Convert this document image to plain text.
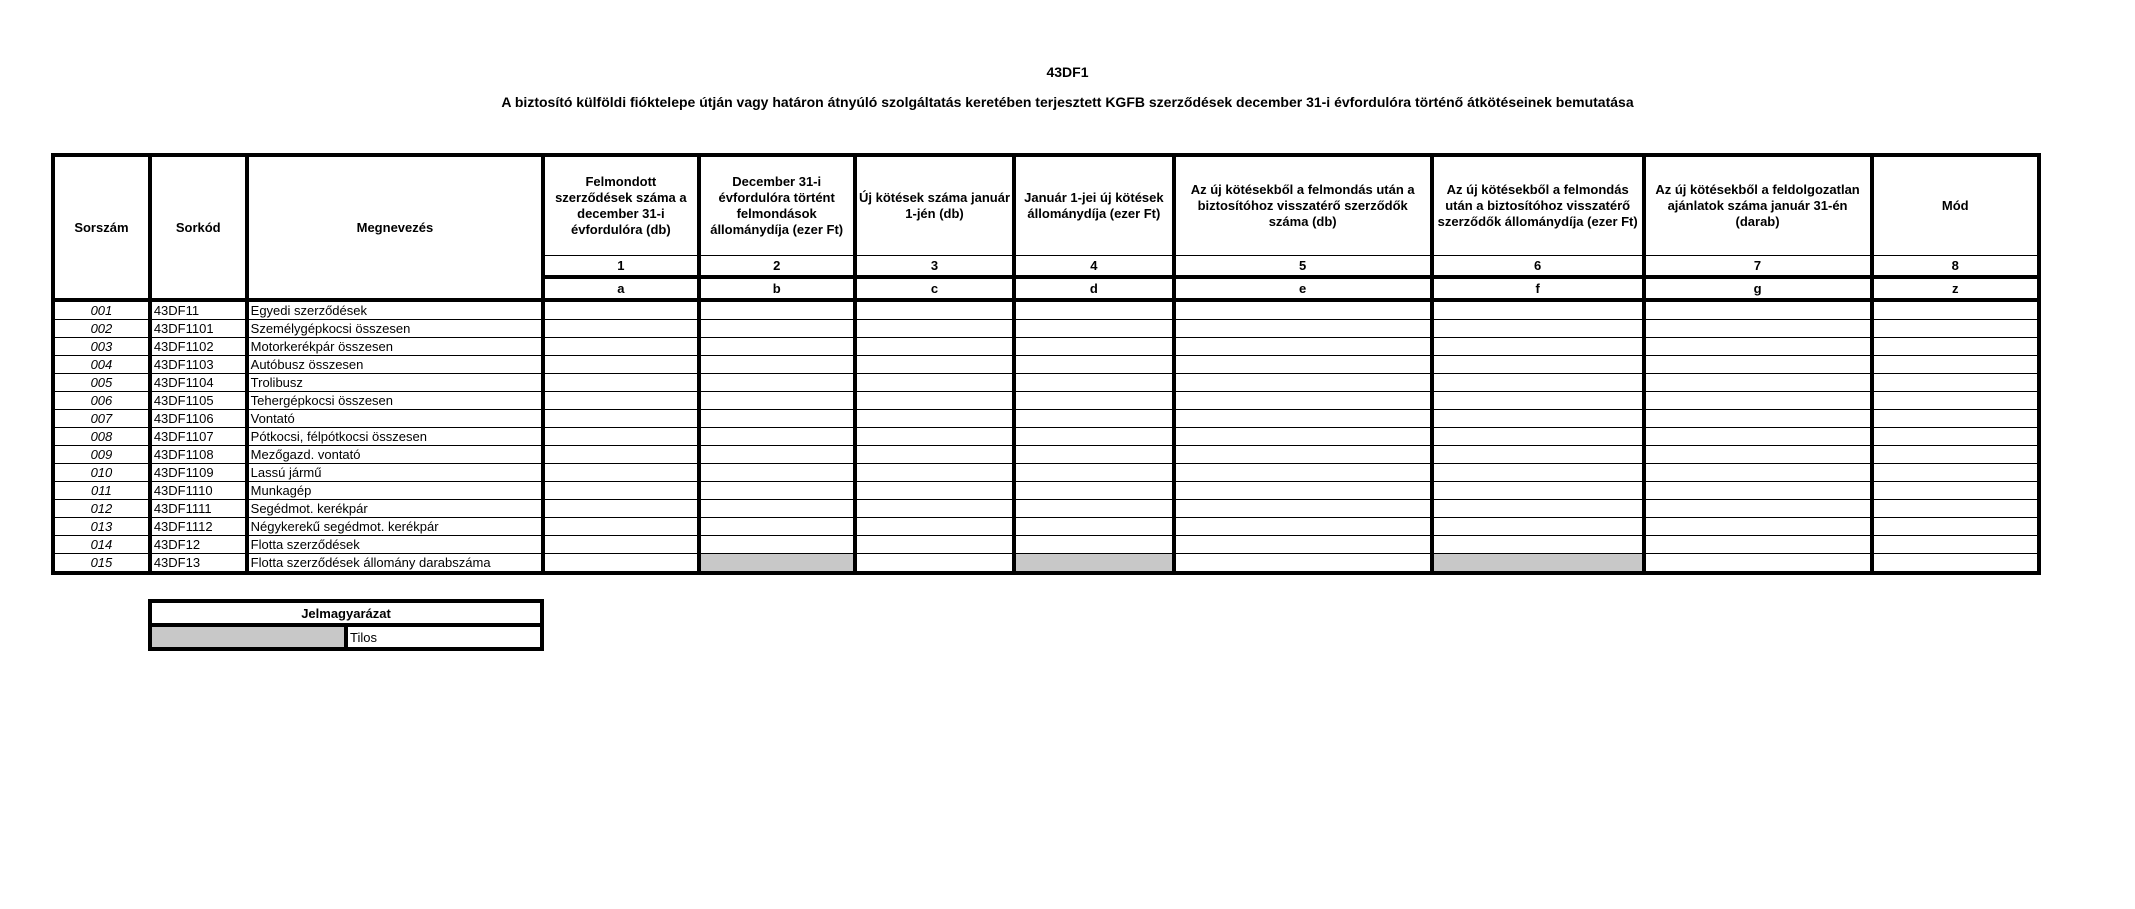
43DF1
A biztosító külföldi fióktelepe útján vagy határon átnyúló szolgáltatás keretében terjesztett KGFB szerződések december 31-i évfordulóra történő átkötéseinek bemutatása
Sorszám	Sorkód	Megnevezés	Felmondott szerződések száma a december 31-i évfordulóra (db)	December 31-i évfordulóra történt felmondások állománydíja (ezer Ft)	Új kötések száma január 1-jén (db)	Január 1-jei új kötések állománydíja (ezer Ft)	Az új kötésekből a felmondás után a biztosítóhoz visszatérő szerződők száma (db)	Az új kötésekből a felmondás után a biztosítóhoz visszatérő szerződők állománydíja (ezer Ft)	Az új kötésekből a feldolgozatlan ajánlatok száma január 31-én (darab)	Mód
			1	2	3	4	5	6	7	8
			a	b	c	d	e	f	g	z
001	43DF11	Egyedi szerződések								
002	43DF1101	Személygépkocsi összesen								
003	43DF1102	Motorkerékpár összesen								
004	43DF1103	Autóbusz összesen								
005	43DF1104	Trolibusz								
006	43DF1105	Tehergépkocsi összesen								
007	43DF1106	Vontató								
008	43DF1107	Pótkocsi, félpótkocsi összesen								
009	43DF1108	Mezőgazd. vontató								
010	43DF1109	Lassú jármű								
011	43DF1110	Munkagép								
012	43DF1111	Segédmot. kerékpár								
013	43DF1112	Négykerekű segédmot. kerékpár								
014	43DF12	Flotta szerződések								
015	43DF13	Flotta szerződések állomány darabszáma								
Jelmagyarázat
	Tilos
